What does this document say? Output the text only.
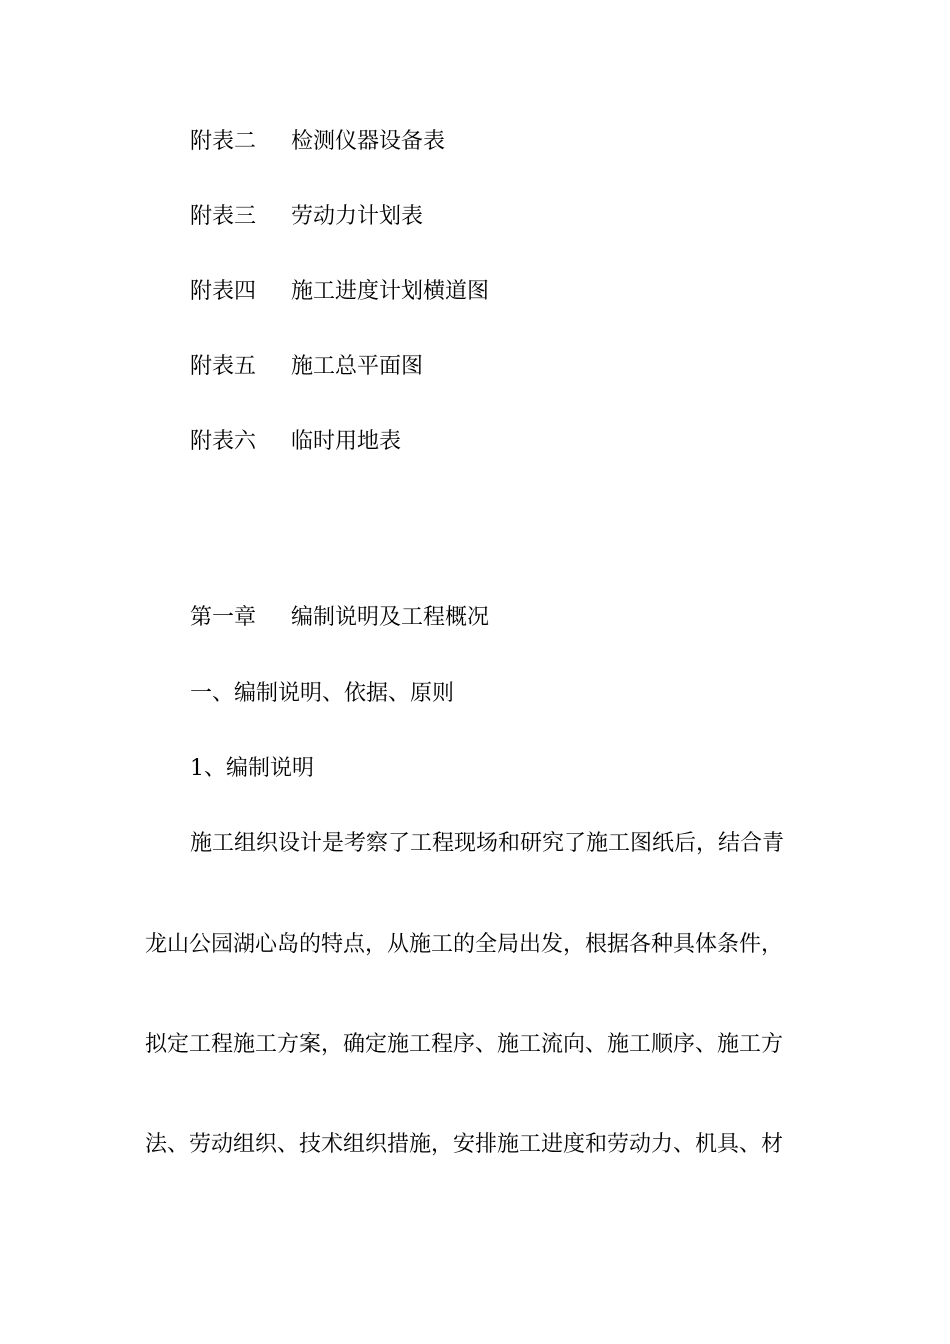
附表二 检测仪器设备表
附表三 劳动力计划表
附表四 施工进度计划横道图
附表五 施工总平面图
附表六 临时用地表
第一章 编制说明及工程概况
一、编制说明、依据、原则
1、编制说明
施工组织设计是考察了工程现场和研究了施工图纸后，结合青
龙山公园湖心岛的特点，从施工的全局出发，根据各种具体条件，
拟定工程施工方案，确定施工程序、施工流向、施工顺序、施工方
法、劳动组织、技术组织措施，安排施工进度和劳动力、机具、材
